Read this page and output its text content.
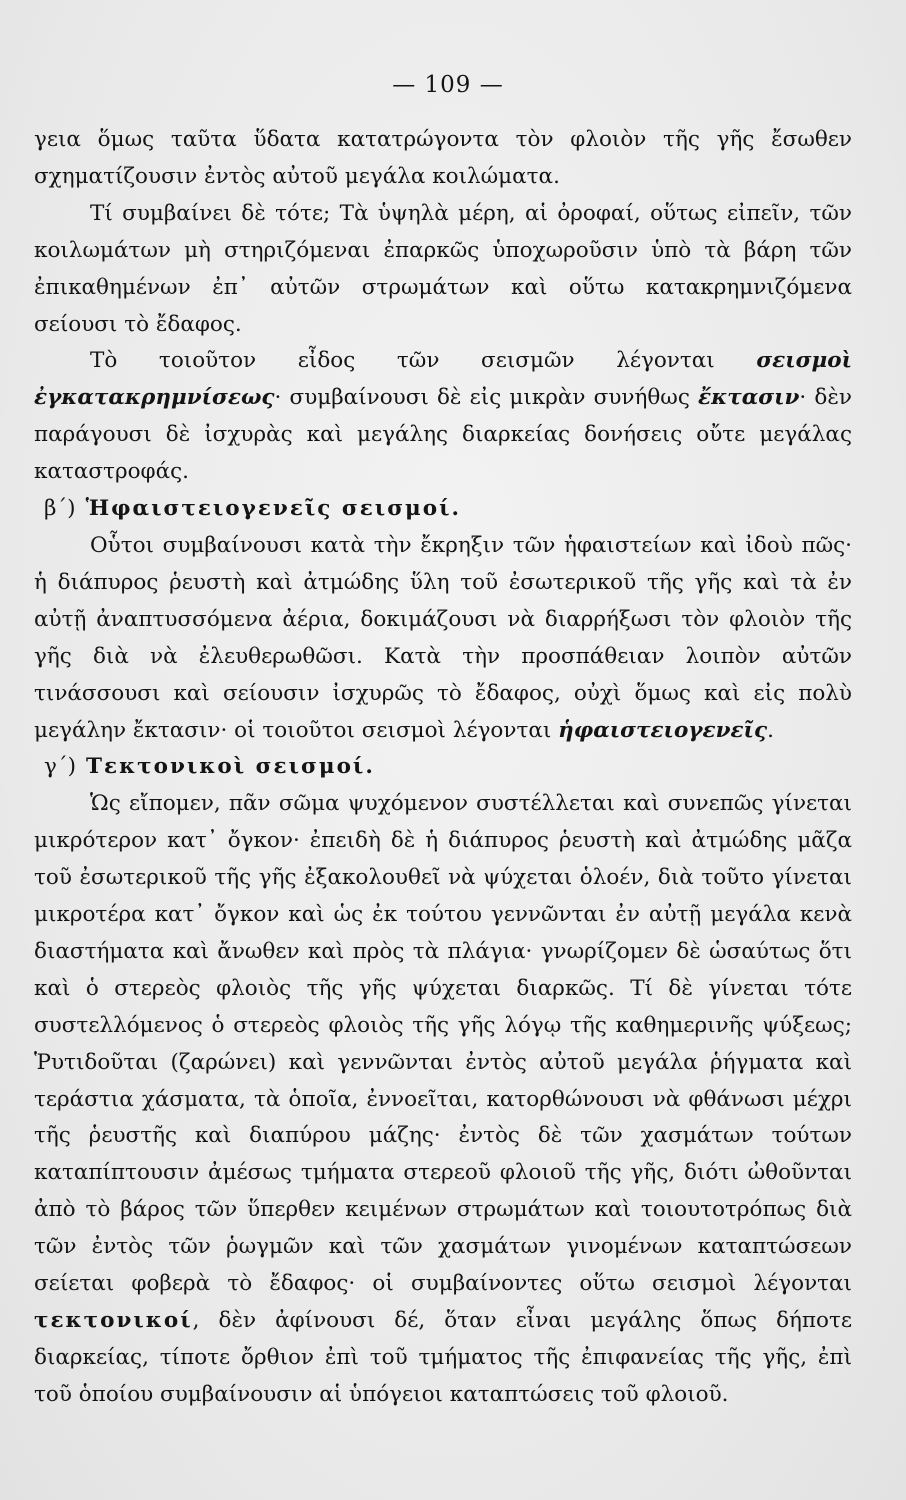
— 109 —

γεια ὅμως ταῦτα ὕδατα κατατρώγοντα τὸν φλοιὸν τῆς γῆς ἔσωθεν σχηματίζουσιν ἐντὸς αὐτοῦ μεγάλα κοιλώματα.

Τί συμβαίνει δὲ τότε; Τὰ ὑψηλὰ μέρη, αἱ ὀροφαί, οὕτως εἰπεῖν, τῶν κοιλωμάτων μὴ στηριζόμεναι ἐπαρκῶς ὑποχωροῦσιν ὑπὸ τὰ βάρη τῶν ἐπικαθημένων ἐπ᾿ αὐτῶν στρωμάτων καὶ οὕτω κατακρημνιζόμενα σείουσι τὸ ἔδαφος.

Τὸ τοιοῦτον εἶδος τῶν σεισμῶν λέγονται σεισμοὶ ἐγκατακρημνίσεως· συμβαίνουσι δὲ εἰς μικρὰν συνήθως ἔκτασιν· δὲν παράγουσι δὲ ἰσχυρὰς καὶ μεγάλης διαρκείας δονήσεις οὔτε μεγάλας καταστροφάς.

β΄) Ἡφαιστειογενεῖς σεισμοί.

Οὗτοι συμβαίνουσι κατὰ τὴν ἔκρηξιν τῶν ἡφαιστείων καὶ ἰδοὺ πῶς· ἡ διάπυρος ῥευστὴ καὶ ἀτμώδης ὕλη τοῦ ἐσωτερικοῦ τῆς γῆς καὶ τὰ ἐν αὐτῇ ἀναπτυσσόμενα ἀέρια, δοκιμάζουσι νὰ διαρρήξωσι τὸν φλοιὸν τῆς γῆς διὰ νὰ ἐλευθερωθῶσι. Κατὰ τὴν προσπάθειαν λοιπὸν αὐτῶν τινάσσουσι καὶ σείουσιν ἰσχυρῶς τὸ ἔδαφος, οὐχὶ ὅμως καὶ εἰς πολὺ μεγάλην ἔκτασιν· οἱ τοιοῦτοι σεισμοὶ λέγονται ἡφαιστειογενεῖς.

γ΄) Τεκτονικοὶ σεισμοί.

Ὡς εἴπομεν, πᾶν σῶμα ψυχόμενον συστέλλεται καὶ συνεπῶς γίνεται μικρότερον κατ᾿ ὄγκον· ἐπειδὴ δὲ ἡ διάπυρος ῥευστὴ καὶ ἀτμώδης μᾶζα τοῦ ἐσωτερικοῦ τῆς γῆς ἐξακολουθεῖ νὰ ψύχεται ὁλοέν, διὰ τοῦτο γίνεται μικροτέρα κατ᾿ ὄγκον καὶ ὡς ἐκ τούτου γεννῶνται ἐν αὐτῇ μεγάλα κενὰ διαστήματα καὶ ἄνωθεν καὶ πρὸς τὰ πλάγια· γνωρίζομεν δὲ ὡσαύτως ὅτι καὶ ὁ στερεὸς φλοιὸς τῆς γῆς ψύχεται διαρκῶς. Τί δὲ γίνεται τότε συστελλόμενος ὁ στερεὸς φλοιὸς τῆς γῆς λόγῳ τῆς καθημερινῆς ψύξεως; Ῥυτιδοῦται (ζαρώνει) καὶ γεννῶνται ἐντὸς αὐτοῦ μεγάλα ῥήγματα καὶ τεράστια χάσματα, τὰ ὁποῖα, ἐννοεῖται, κατορθώνουσι νὰ φθάνωσι μέχρι τῆς ῥευστῆς καὶ διαπύρου μάζης· ἐντὸς δὲ τῶν χασμάτων τούτων καταπίπτουσιν ἀμέσως τμήματα στερεοῦ φλοιοῦ τῆς γῆς, διότι ὠθοῦνται ἀπὸ τὸ βάρος τῶν ὕπερθεν κειμένων στρωμάτων καὶ τοιουτοτρόπως διὰ τῶν ἐντὸς τῶν ῥωγμῶν καὶ τῶν χασμάτων γινομένων καταπτώσεων σείεται φοβερὰ τὸ ἔδαφος· οἱ συμβαίνοντες οὕτω σεισμοὶ λέγονται τεκτονικοί, δὲν ἀφίνουσι δέ, ὅταν εἶναι μεγάλης ὅπως δήποτε διαρκείας, τίποτε ὄρθιον ἐπὶ τοῦ τμήματος τῆς ἐπιφανείας τῆς γῆς, ἐπὶ τοῦ ὁποίου συμβαίνουσιν αἱ ὑπόγειοι καταπτώσεις τοῦ φλοιοῦ.
